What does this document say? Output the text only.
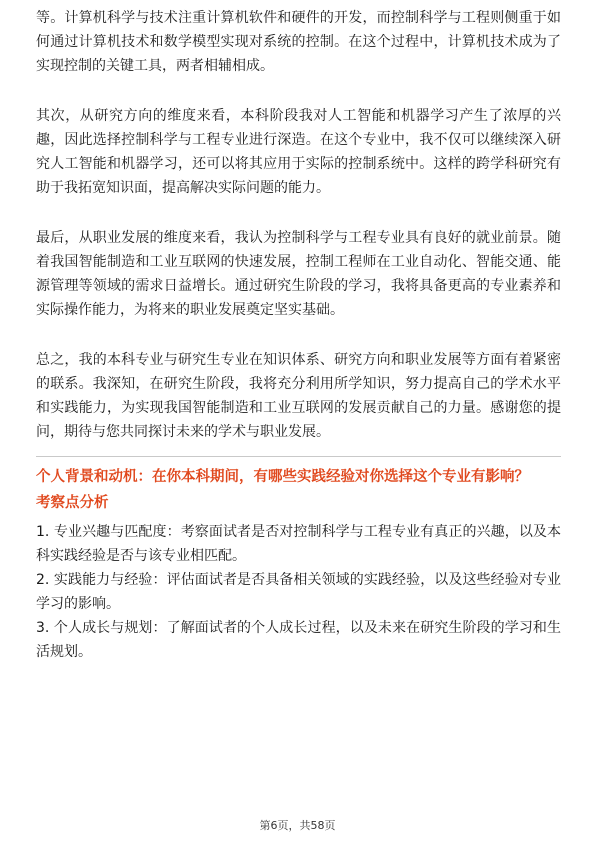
等。计算机科学与技术注重计算机软件和硬件的开发，而控制科学与工程则侧重于如何通过计算机技术和数学模型实现对系统的控制。在这个过程中，计算机技术成为了实现控制的关键工具，两者相辅相成。

其次，从研究方向的维度来看，本科阶段我对人工智能和机器学习产生了浓厚的兴趣，因此选择控制科学与工程专业进行深造。在这个专业中，我不仅可以继续深入研究人工智能和机器学习，还可以将其应用于实际的控制系统中。这样的跨学科研究有助于我拓宽知识面，提高解决实际问题的能力。

最后，从职业发展的维度来看，我认为控制科学与工程专业具有良好的就业前景。随着我国智能制造和工业互联网的快速发展，控制工程师在工业自动化、智能交通、能源管理等领域的需求日益增长。通过研究生阶段的学习，我将具备更高的专业素养和实际操作能力，为将来的职业发展奠定坚实基础。

总之，我的本科专业与研究生专业在知识体系、研究方向和职业发展等方面有着紧密的联系。我深知，在研究生阶段，我将充分利用所学知识，努力提高自己的学术水平和实践能力，为实现我国智能制造和工业互联网的发展贡献自己的力量。感谢您的提问，期待与您共同探讨未来的学术与职业发展。

个人背景和动机：在你本科期间，有哪些实践经验对你选择这个专业有影响？
考察点分析

1. 专业兴趣与匹配度：考察面试者是否对控制科学与工程专业有真正的兴趣，以及本科实践经验是否与该专业相匹配。

2. 实践能力与经验：评估面试者是否具备相关领域的实践经验，以及这些经验对专业学习的影响。

3. 个人成长与规划：了解面试者的个人成长过程，以及未来在研究生阶段的学习和生活规划。

第6页，共58页
